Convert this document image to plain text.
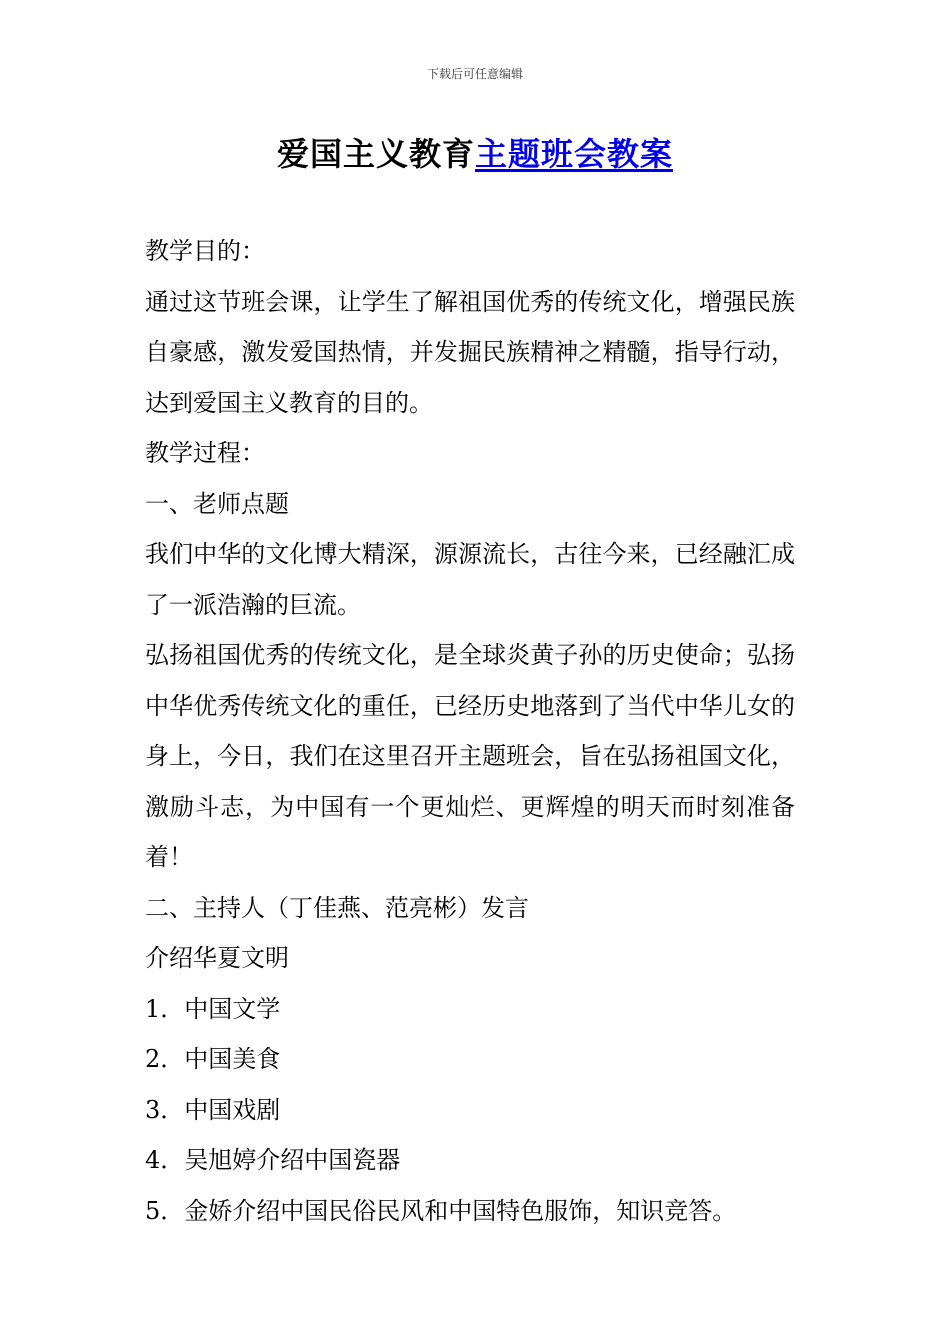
下载后可任意编辑
爱国主义教育主题班会教案

教学目的：

通过这节班会课，让学生了解祖国优秀的传统文化，增强民族自豪感，激发爱国热情，并发掘民族精神之精髓，指导行动，达到爱国主义教育的目的。

教学过程：

一、老师点题

我们中华的文化博大精深，源源流长，古往今来，已经融汇成了一派浩瀚的巨流。

弘扬祖国优秀的传统文化，是全球炎黄子孙的历史使命；弘扬中华优秀传统文化的重任，已经历史地落到了当代中华儿女的身上，今日，我们在这里召开主题班会，旨在弘扬祖国文化，激励斗志，为中国有一个更灿烂、更辉煌的明天而时刻准备着！

二、主持人（丁佳燕、范亮彬）发言

介绍华夏文明

1．中国文学

2．中国美食

3．中国戏剧

4．吴旭婷介绍中国瓷器

5．金娇介绍中国民俗民风和中国特色服饰，知识竞答。
